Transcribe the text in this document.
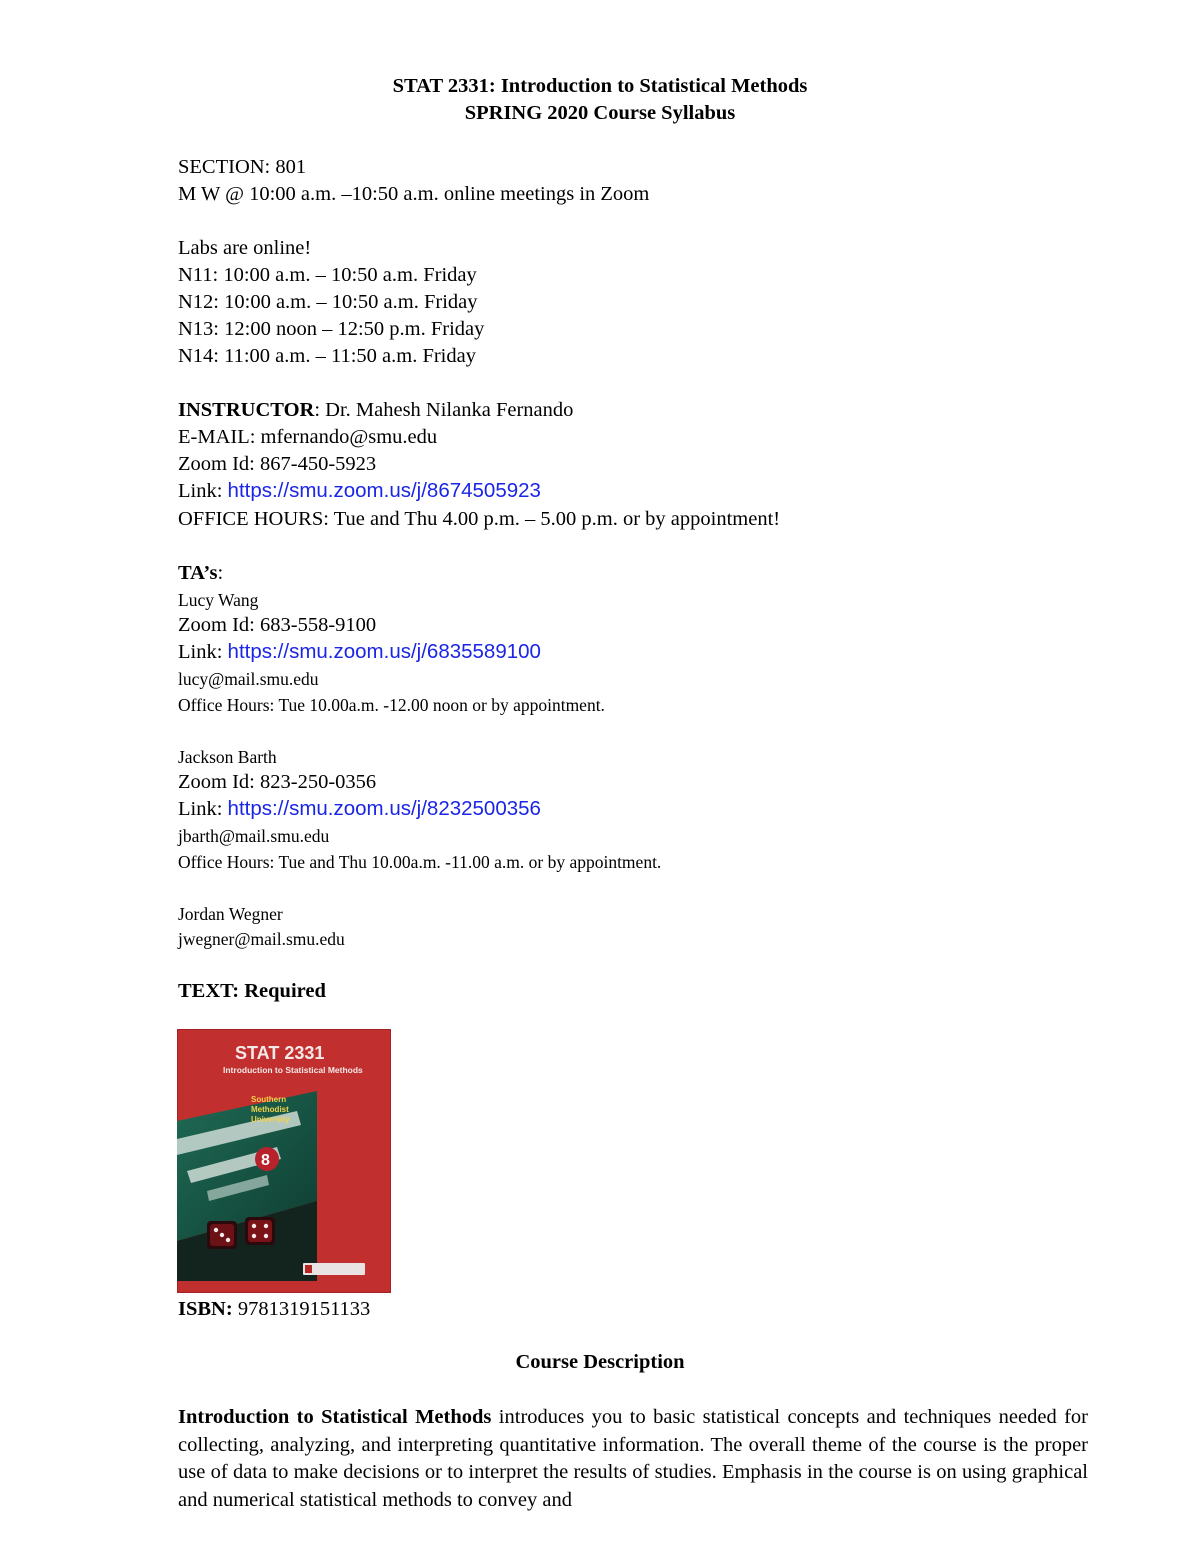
STAT 2331: Introduction to Statistical Methods
SPRING 2020 Course Syllabus
SECTION: 801
M W @ 10:00 a.m. –10:50 a.m. online meetings in Zoom
Labs are online!
N11: 10:00 a.m. – 10:50 a.m. Friday
N12: 10:00 a.m. – 10:50 a.m. Friday
N13: 12:00 noon – 12:50 p.m. Friday
N14: 11:00 a.m. – 11:50 a.m. Friday
INSTRUCTOR: Dr. Mahesh Nilanka Fernando
E-MAIL: mfernando@smu.edu
Zoom Id: 867-450-5923
Link: https://smu.zoom.us/j/8674505923
OFFICE HOURS: Tue and Thu 4.00 p.m. – 5.00 p.m. or by appointment!
TA’s:
Lucy Wang
Zoom Id: 683-558-9100
Link: https://smu.zoom.us/j/6835589100
lucy@mail.smu.edu
Office Hours: Tue 10.00a.m. -12.00 noon or by appointment.
Jackson Barth
Zoom Id: 823-250-0356
Link: https://smu.zoom.us/j/8232500356
jbarth@mail.smu.edu
Office Hours: Tue and Thu 10.00a.m. -11.00 a.m. or by appointment.
Jordan Wegner
jwegner@mail.smu.edu
TEXT: Required
8
STAT 2331
Introduction to Statistical Methods
Southern Methodist University
ISBN: 9781319151133
Course Description
Introduction to Statistical Methods introduces you to basic statistical concepts and techniques needed for collecting, analyzing, and interpreting quantitative information. The overall theme of the course is the proper use of data to make decisions or to interpret the results of studies. Emphasis in the course is on using graphical and numerical statistical methods to convey and
